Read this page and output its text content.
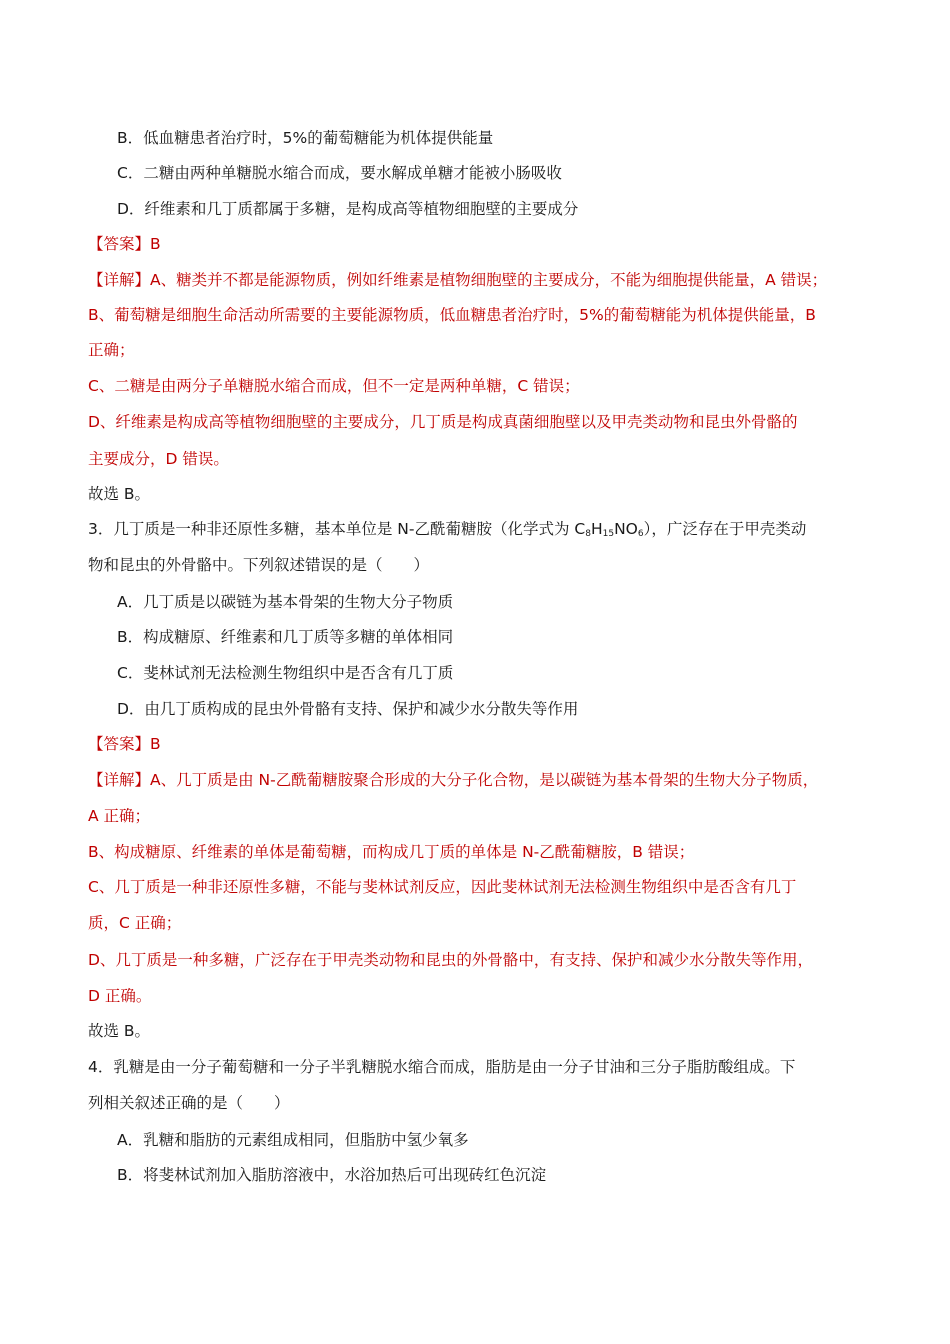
B．低血糖患者治疗时，5%的葡萄糖能为机体提供能量
C．二糖由两种单糖脱水缩合而成，要水解成单糖才能被小肠吸收
D．纤维素和几丁质都属于多糖，是构成高等植物细胞壁的主要成分
【答案】B
【详解】A、糖类并不都是能源物质，例如纤维素是植物细胞壁的主要成分，不能为细胞提供能量，A 错误；
B、葡萄糖是细胞生命活动所需要的主要能源物质，低血糖患者治疗时，5%的葡萄糖能为机体提供能量，B
正确；
C、二糖是由两分子单糖脱水缩合而成，但不一定是两种单糖，C 错误；
D、纤维素是构成高等植物细胞壁的主要成分，几丁质是构成真菌细胞壁以及甲壳类动物和昆虫外骨骼的
主要成分，D 错误。
故选 B。
3．几丁质是一种非还原性多糖，基本单位是 N-乙酰葡糖胺（化学式为 $C_8H_{15}NO_6$），广泛存在于甲壳类动
物和昆虫的外骨骼中。下列叙述错误的是（　　）
A．几丁质是以碳链为基本骨架的生物大分子物质
B．构成糖原、纤维素和几丁质等多糖的单体相同
C．斐林试剂无法检测生物组织中是否含有几丁质
D．由几丁质构成的昆虫外骨骼有支持、保护和减少水分散失等作用
【答案】B
【详解】A、几丁质是由 N-乙酰葡糖胺聚合形成的大分子化合物，是以碳链为基本骨架的生物大分子物质，
A 正确；
B、构成糖原、纤维素的单体是葡萄糖，而构成几丁质的单体是 N-乙酰葡糖胺，B 错误；
C、几丁质是一种非还原性多糖，不能与斐林试剂反应，因此斐林试剂无法检测生物组织中是否含有几丁
质，C 正确；
D、几丁质是一种多糖，广泛存在于甲壳类动物和昆虫的外骨骼中，有支持、保护和减少水分散失等作用，
D 正确。
故选 B。
4．乳糖是由一分子葡萄糖和一分子半乳糖脱水缩合而成，脂肪是由一分子甘油和三分子脂肪酸组成。下
列相关叙述正确的是（　　）
A．乳糖和脂肪的元素组成相同，但脂肪中氢少氧多
B．将斐林试剂加入脂肪溶液中，水浴加热后可出现砖红色沉淀
